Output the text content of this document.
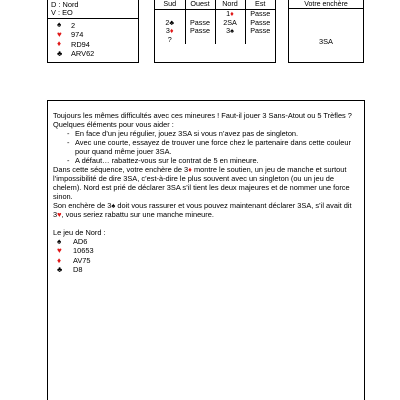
D : Nord
V : EO
♠	2
♥	974
♦	RD94
♣	ARV62
Sud	Ouest	Nord	Est
		1♦	Passe
2♣	Passe	2SA	Passe
3♦	Passe	3♠	Passe
?			
Votre enchère
3SA

Toujours les mêmes difficultés avec ces mineures ! Faut-il jouer 3 Sans-Atout ou 5 Trèfles ?

Quelques éléments pour vous aider :

- En face d’un jeu régulier, jouez 3SA si vous n’avez pas de singleton.
- Avec une courte, essayez de trouver une force chez le partenaire dans cette couleur pour quand même jouer 3SA.
- A défaut… rabattez-vous sur le contrat de 5 en mineure.

Dans cette séquence, votre enchère de 3♦ montre le soutien, un jeu de manche et surtout l’impossibilité de dire 3SA, c’est-à-dire le plus souvent avec un singleton (ou un jeu de chelem). Nord est prié de déclarer 3SA s’il tient les deux majeures et de nommer une force sinon.

Son enchère de 3♠ doit vous rassurer et vous pouvez maintenant déclarer 3SA, s’il avait dit 3♥, vous seriez rabattu sur une manche mineure.

Le jeu de Nord :

♠	AD6
♥	10653
♦	AV75
♣	D8
